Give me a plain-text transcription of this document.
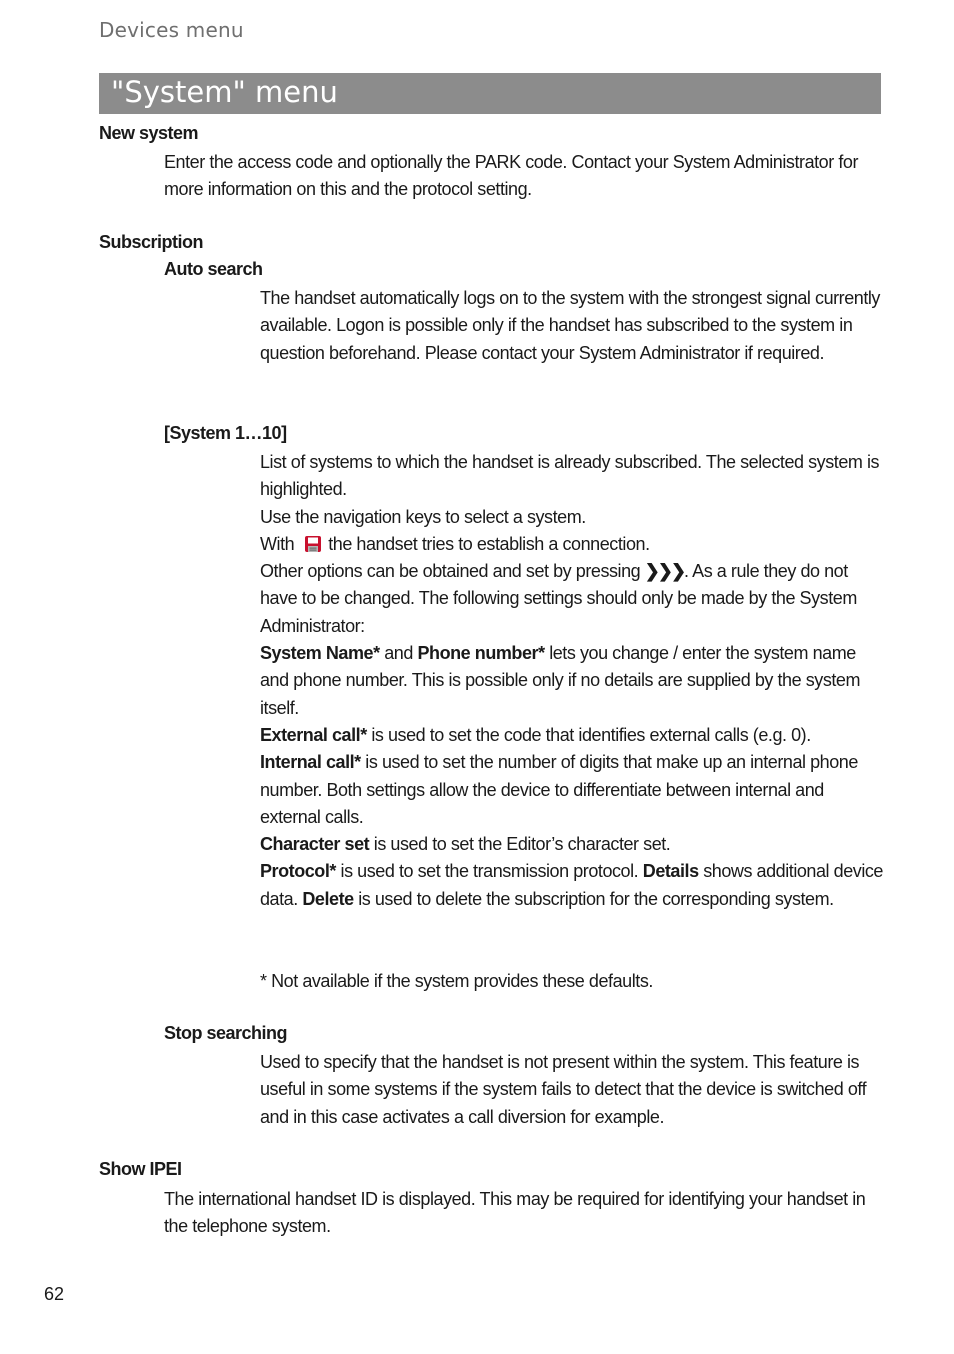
Devices menu
"System" menu
New system
Enter the access code and optionally the PARK code. Contact your System Administrator for more information on this and the protocol setting.
Subscription
Auto search
The handset automatically logs on to the system with the strongest signal currently available. Logon is possible only if the handset has subscribed to the system in question beforehand. Please contact your System Administrator if required.
[System 1…10]
List of systems to which the handset is already subscribed. The selected system is highlighted.
Use the navigation keys to select a system.
With the handset tries to establish a connection.
Other options can be obtained and set by pressing ❯❯❯. As a rule they do not have to be changed. The following settings should only be made by the System Administrator:
System Name* and Phone number* lets you change / enter the system name and phone number. This is possible only if no details are supplied by the system itself.
External call* is used to set the code that identifies external calls (e.g. 0).
Internal call* is used to set the number of digits that make up an internal phone number. Both settings allow the device to differentiate between internal and external calls.
Character set is used to set the Editor’s character set.
Protocol* is used to set the transmission protocol. Details shows additional device data. Delete is used to delete the subscription for the corresponding system.
* Not available if the system provides these defaults.
Stop searching
Used to specify that the handset is not present within the system. This feature is useful in some systems if the system fails to detect that the device is switched off and in this case activates a call diversion for example.
Show IPEI
The international handset ID is displayed. This may be required for identifying your handset in the telephone system.
62
